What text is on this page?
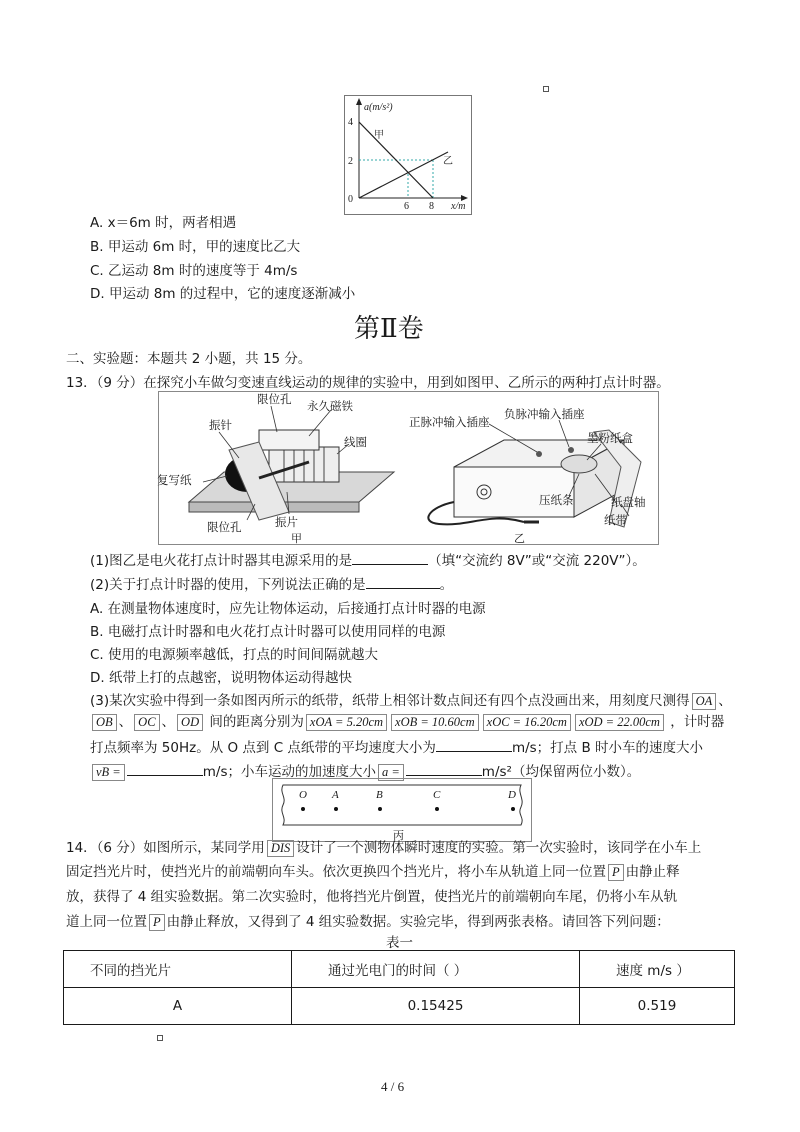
a(m/s²)
4
2
0
6 8 x/m
甲
乙
A. x＝6m 时，两者相遇
B. 甲运动 6m 时，甲的速度比乙大
C. 乙运动 8m 时的速度等于 4m/s
D. 甲运动 8m 的过程中，它的速度逐渐减小
第Ⅱ卷
二、实验题：本题共 2 小题，共 15 分。
13．（9 分）在探究小车做匀变速直线运动的规律的实验中，用到如图甲、乙所示的两种打点计时器。
限位孔
振针
永久磁铁
线圈
复写纸
限位孔	振片
甲
正脉冲输入插座
负脉冲输入插座
墨粉纸盒
压纸条	纸盘轴
纸带
乙
(1)图乙是电火花打点计时器其电源采用的是	（填“交流约 8V”或“交流 220V”）。
(2)关于打点计时器的使用，下列说法正确的是	。
A. 在测量物体速度时，应先让物体运动，后接通打点计时器的电源
B. 电磁打点计时器和电火花打点计时器可以使用同样的电源
C. 使用的电源频率越低，打点的时间间隔就越大
D. 纸带上打的点越密，说明物体运动得越快
(3)某次实验中得到一条如图丙所示的纸带，纸带上相邻计数点间还有四个点没画出来，用刻度尺测得 OA 、
OB 、 OC 、 OD 间的距离分别为 xOA = 5.20cm xOB = 10.60cm xOC = 16.20cm xOD = 22.00cm ，计时器
打点频率为 50Hz。从 O 点到 C 点纸带的平均速度大小为	m/s；打点 B 时小车的速度大小
vB =	m/s；小车运动的加速度大小 a =	m/s²（均保留两位小数）。
O A	B	C	D
丙
14．（6 分）如图所示，某同学用 DIS 设计了一个测物体瞬时速度的实验。第一次实验时，该同学在小车上
固定挡光片时，使挡光片的前端朝向车头。依次更换四个挡光片，将小车从轨道上同一位置 P 由静止释
放，获得了 4 组实验数据。第二次实验时，他将挡光片倒置，使挡光片的前端朝向车尾，仍将小车从轨
道上同一位置 P 由静止释放，又得到了 4 组实验数据。实验完毕，得到两张表格。请回答下列问题：
表一
不同的挡光片	通过光电门的时间（ ）	速度 m/s ）
A	0.15425	0.519
4 / 6
